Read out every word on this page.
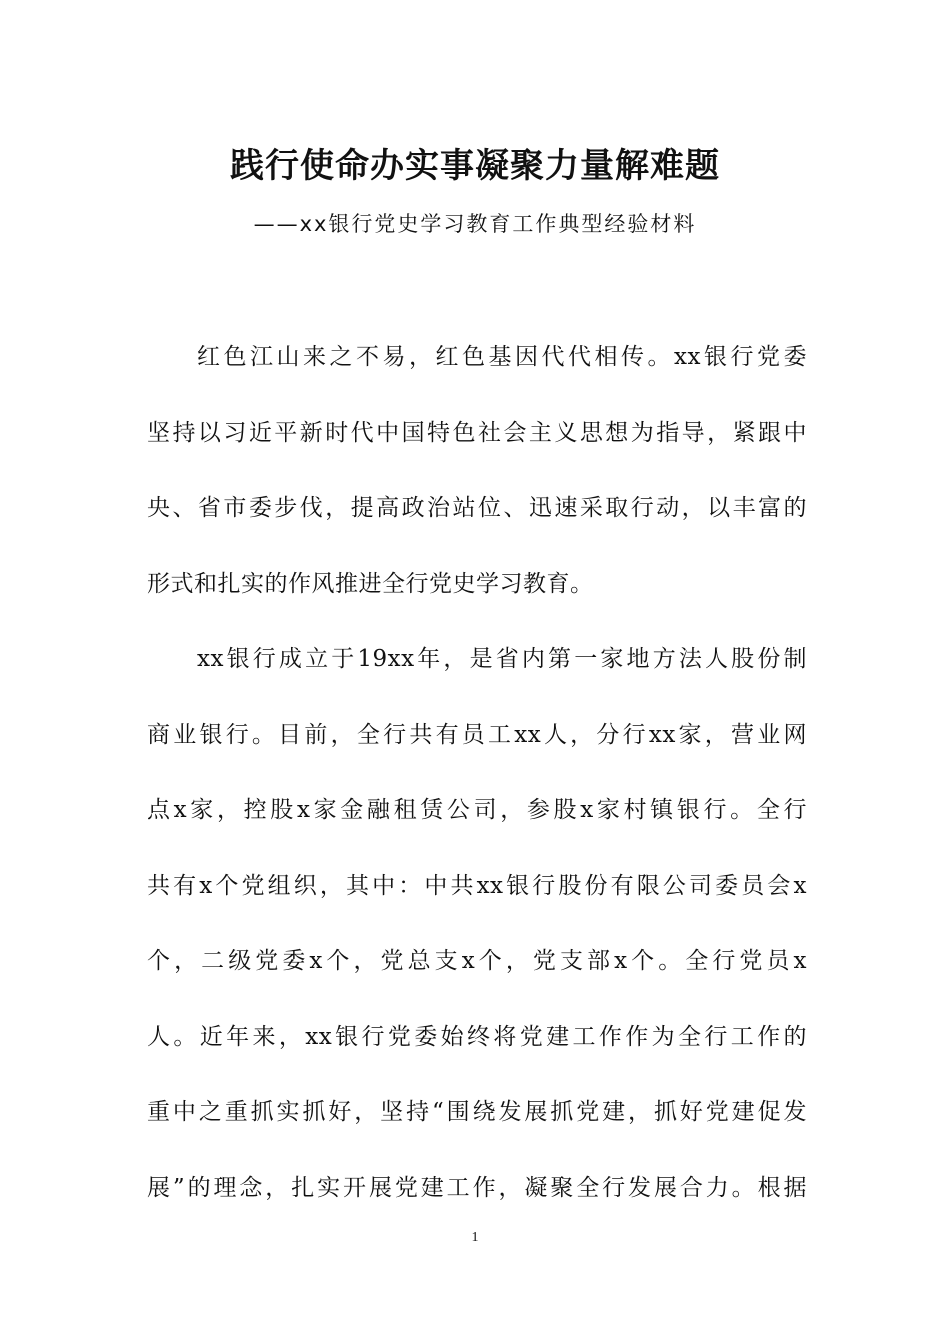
践行使命办实事凝聚力量解难题
——xx银行党史学习教育工作典型经验材料
红色江山来之不易，红色基因代代相传。xx银行党委
坚持以习近平新时代中国特色社会主义思想为指导，紧跟中
央、省市委步伐，提高政治站位、迅速采取行动，以丰富的
形式和扎实的作风推进全行党史学习教育。
xx银行成立于19xx年，是省内第一家地方法人股份制
商业银行。目前，全行共有员工xx人，分行xx家，营业网
点x家，控股x家金融租赁公司，参股x家村镇银行。全行
共有x个党组织，其中：中共xx银行股份有限公司委员会x
个，二级党委x个，党总支x个，党支部x个。全行党员x
人。近年来，xx银行党委始终将党建工作作为全行工作的
重中之重抓实抓好，坚持“围绕发展抓党建，抓好党建促发
展”的理念，扎实开展党建工作，凝聚全行发展合力。根据
1
